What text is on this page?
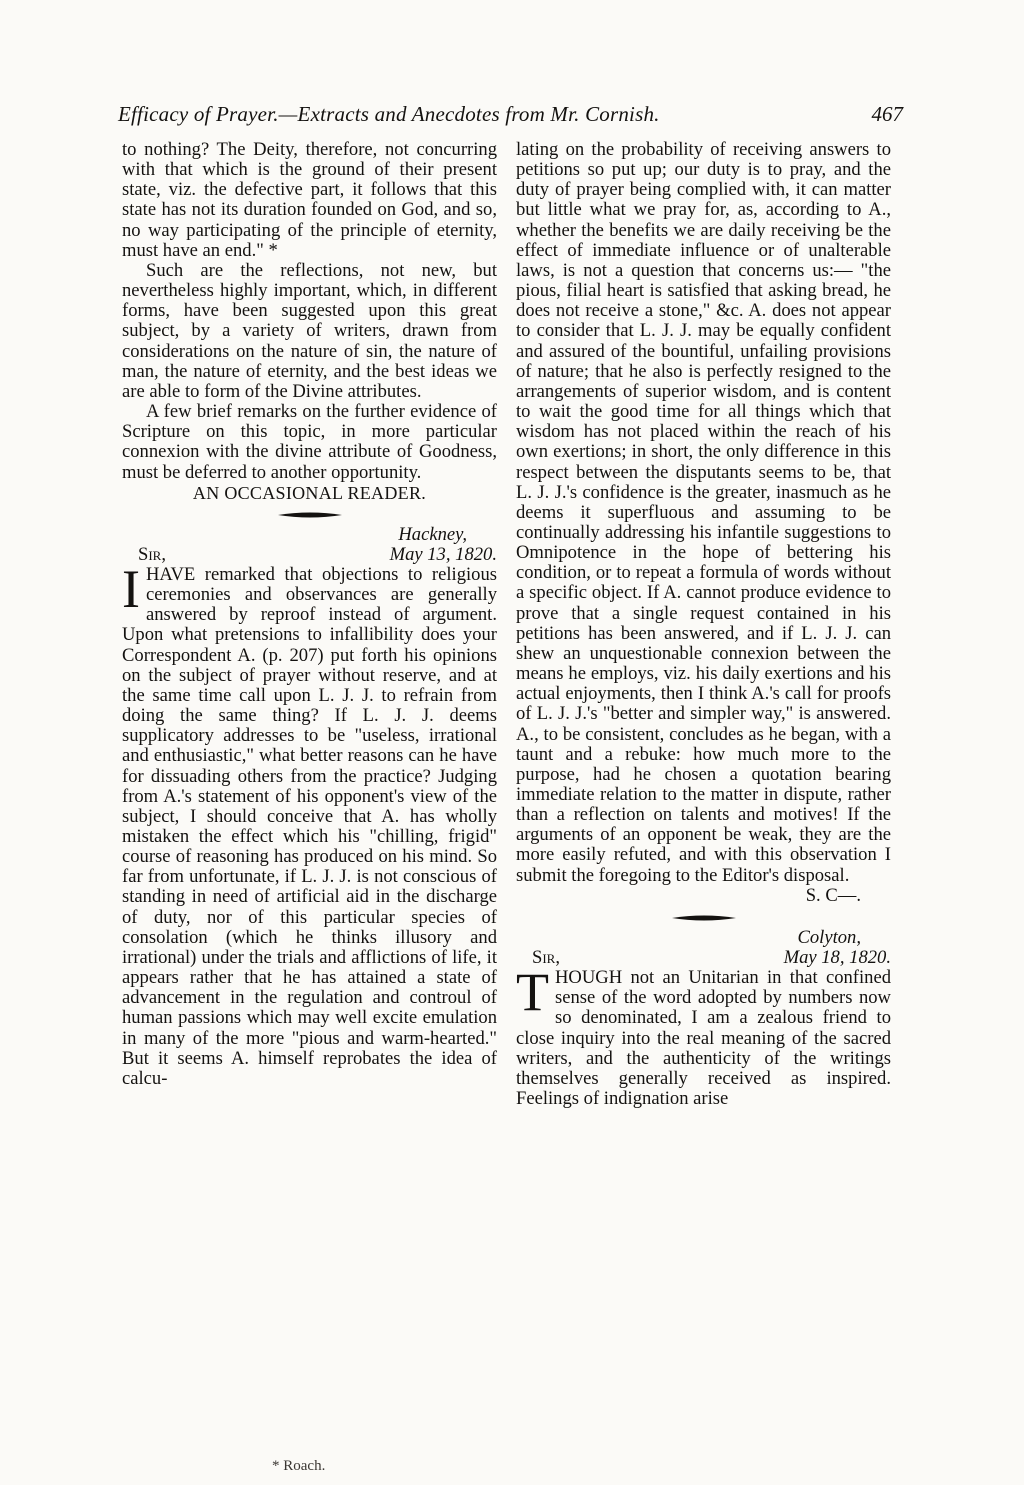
Efficacy of Prayer.—Extracts and Anecdotes from Mr. Cornish.	467

to nothing? The Deity, therefore, not concurring with that which is the ground of their present state, viz. the defective part, it follows that this state has not its duration founded on God, and so, no way participating of the principle of eternity, must have an end." *

Such are the reflections, not new, but nevertheless highly important, which, in different forms, have been suggested upon this great subject, by a variety of writers, drawn from considerations on the nature of sin, the nature of man, the nature of eternity, and the best ideas we are able to form of the Divine attributes.

A few brief remarks on the further evidence of Scripture on this topic, in more particular connexion with the divine attribute of Goodness, must be deferred to another opportunity.

AN OCCASIONAL READER.

Hackney,

Sir,	May 13, 1820.

IHAVE remarked that objections to religious ceremonies and observances are generally answered by reproof instead of argument. Upon what pretensions to infallibility does your Correspondent A. (p. 207) put forth his opinions on the subject of prayer without reserve, and at the same time call upon L. J. J. to refrain from doing the same thing? If L. J. J. deems supplicatory addresses to be "useless, irrational and enthusiastic," what better reasons can he have for dissuading others from the practice? Judging from A.'s statement of his opponent's view of the subject, I should conceive that A. has wholly mistaken the effect which his "chilling, frigid" course of reasoning has produced on his mind. So far from unfortunate, if L. J. J. is not conscious of standing in need of artificial aid in the discharge of duty, nor of this particular species of consolation (which he thinks illusory and irrational) under the trials and afflictions of life, it appears rather that he has attained a state of advancement in the regulation and controul of human passions which may well excite emulation in many of the more "pious and warm-hearted." But it seems A. himself reprobates the idea of calcu-

lating on the probability of receiving answers to petitions so put up; our duty is to pray, and the duty of prayer being complied with, it can matter but little what we pray for, as, according to A., whether the benefits we are daily receiving be the effect of immediate influence or of unalterable laws, is not a question that concerns us:— "the pious, filial heart is satisfied that asking bread, he does not receive a stone," &c. A. does not appear to consider that L. J. J. may be equally confident and assured of the bountiful, unfailing provisions of nature; that he also is perfectly resigned to the arrangements of superior wisdom, and is content to wait the good time for all things which that wisdom has not placed within the reach of his own exertions; in short, the only difference in this respect between the disputants seems to be, that L. J. J.'s confidence is the greater, inasmuch as he deems it superfluous and assuming to be continually addressing his infantile suggestions to Omnipotence in the hope of bettering his condition, or to repeat a formula of words without a specific object. If A. cannot produce evidence to prove that a single request contained in his petitions has been answered, and if L. J. J. can shew an unquestionable connexion between the means he employs, viz. his daily exertions and his actual enjoyments, then I think A.'s call for proofs of L. J. J.'s "better and simpler way," is answered. A., to be consistent, concludes as he began, with a taunt and a rebuke: how much more to the purpose, had he chosen a quotation bearing immediate relation to the matter in dispute, rather than a reflection on talents and motives! If the arguments of an opponent be weak, they are the more easily refuted, and with this observation I submit the foregoing to the Editor's disposal.

S. C—.

Colyton,

Sir,	May 18, 1820.

THOUGH not an Unitarian in that confined sense of the word adopted by numbers now so denominated, I am a zealous friend to close inquiry into the real meaning of the sacred writers, and the authenticity of the writings themselves generally received as inspired. Feelings of indignation arise

* Roach.
